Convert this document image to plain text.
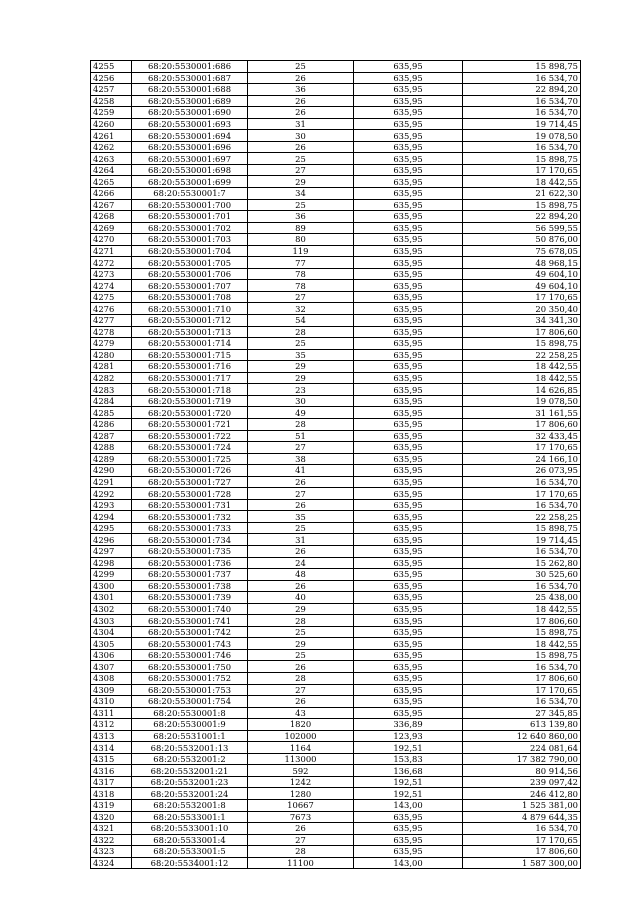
4255	68:20:5530001:686	25	635,95	15 898,75
4256	68:20:5530001:687	26	635,95	16 534,70
4257	68:20:5530001:688	36	635,95	22 894,20
4258	68:20:5530001:689	26	635,95	16 534,70
4259	68:20:5530001:690	26	635,95	16 534,70
4260	68:20:5530001:693	31	635,95	19 714,45
4261	68:20:5530001:694	30	635,95	19 078,50
4262	68:20:5530001:696	26	635,95	16 534,70
4263	68:20:5530001:697	25	635,95	15 898,75
4264	68:20:5530001:698	27	635,95	17 170,65
4265	68:20:5530001:699	29	635,95	18 442,55
4266	68:20:5530001:7	34	635,95	21 622,30
4267	68:20:5530001:700	25	635,95	15 898,75
4268	68:20:5530001:701	36	635,95	22 894,20
4269	68:20:5530001:702	89	635,95	56 599,55
4270	68:20:5530001:703	80	635,95	50 876,00
4271	68:20:5530001:704	119	635,95	75 678,05
4272	68:20:5530001:705	77	635,95	48 968,15
4273	68:20:5530001:706	78	635,95	49 604,10
4274	68:20:5530001:707	78	635,95	49 604,10
4275	68:20:5530001:708	27	635,95	17 170,65
4276	68:20:5530001:710	32	635,95	20 350,40
4277	68:20:5530001:712	54	635,95	34 341,30
4278	68:20:5530001:713	28	635,95	17 806,60
4279	68:20:5530001:714	25	635,95	15 898,75
4280	68:20:5530001:715	35	635,95	22 258,25
4281	68:20:5530001:716	29	635,95	18 442,55
4282	68:20:5530001:717	29	635,95	18 442,55
4283	68:20:5530001:718	23	635,95	14 626,85
4284	68:20:5530001:719	30	635,95	19 078,50
4285	68:20:5530001:720	49	635,95	31 161,55
4286	68:20:5530001:721	28	635,95	17 806,60
4287	68:20:5530001:722	51	635,95	32 433,45
4288	68:20:5530001:724	27	635,95	17 170,65
4289	68:20:5530001:725	38	635,95	24 166,10
4290	68:20:5530001:726	41	635,95	26 073,95
4291	68:20:5530001:727	26	635,95	16 534,70
4292	68:20:5530001:728	27	635,95	17 170,65
4293	68:20:5530001:731	26	635,95	16 534,70
4294	68:20:5530001:732	35	635,95	22 258,25
4295	68:20:5530001:733	25	635,95	15 898,75
4296	68:20:5530001:734	31	635,95	19 714,45
4297	68:20:5530001:735	26	635,95	16 534,70
4298	68:20:5530001:736	24	635,95	15 262,80
4299	68:20:5530001:737	48	635,95	30 525,60
4300	68:20:5530001:738	26	635,95	16 534,70
4301	68:20:5530001:739	40	635,95	25 438,00
4302	68:20:5530001:740	29	635,95	18 442,55
4303	68:20:5530001:741	28	635,95	17 806,60
4304	68:20:5530001:742	25	635,95	15 898,75
4305	68:20:5530001:743	29	635,95	18 442,55
4306	68:20:5530001:746	25	635,95	15 898,75
4307	68:20:5530001:750	26	635,95	16 534,70
4308	68:20:5530001:752	28	635,95	17 806,60
4309	68:20:5530001:753	27	635,95	17 170,65
4310	68:20:5530001:754	26	635,95	16 534,70
4311	68:20:5530001:8	43	635,95	27 345,85
4312	68:20:5530001:9	1820	336,89	613 139,80
4313	68:20:5531001:1	102000	123,93	12 640 860,00
4314	68:20:5532001:13	1164	192,51	224 081,64
4315	68:20:5532001:2	113000	153,83	17 382 790,00
4316	68:20:5532001:21	592	136,68	80 914,56
4317	68:20:5532001:23	1242	192,51	239 097,42
4318	68:20:5532001:24	1280	192,51	246 412,80
4319	68:20:5532001:8	10667	143,00	1 525 381,00
4320	68:20:5533001:1	7673	635,95	4 879 644,35
4321	68:20:5533001:10	26	635,95	16 534,70
4322	68:20:5533001:4	27	635,95	17 170,65
4323	68:20:5533001:5	28	635,95	17 806,60
4324	68:20:5534001:12	11100	143,00	1 587 300,00
